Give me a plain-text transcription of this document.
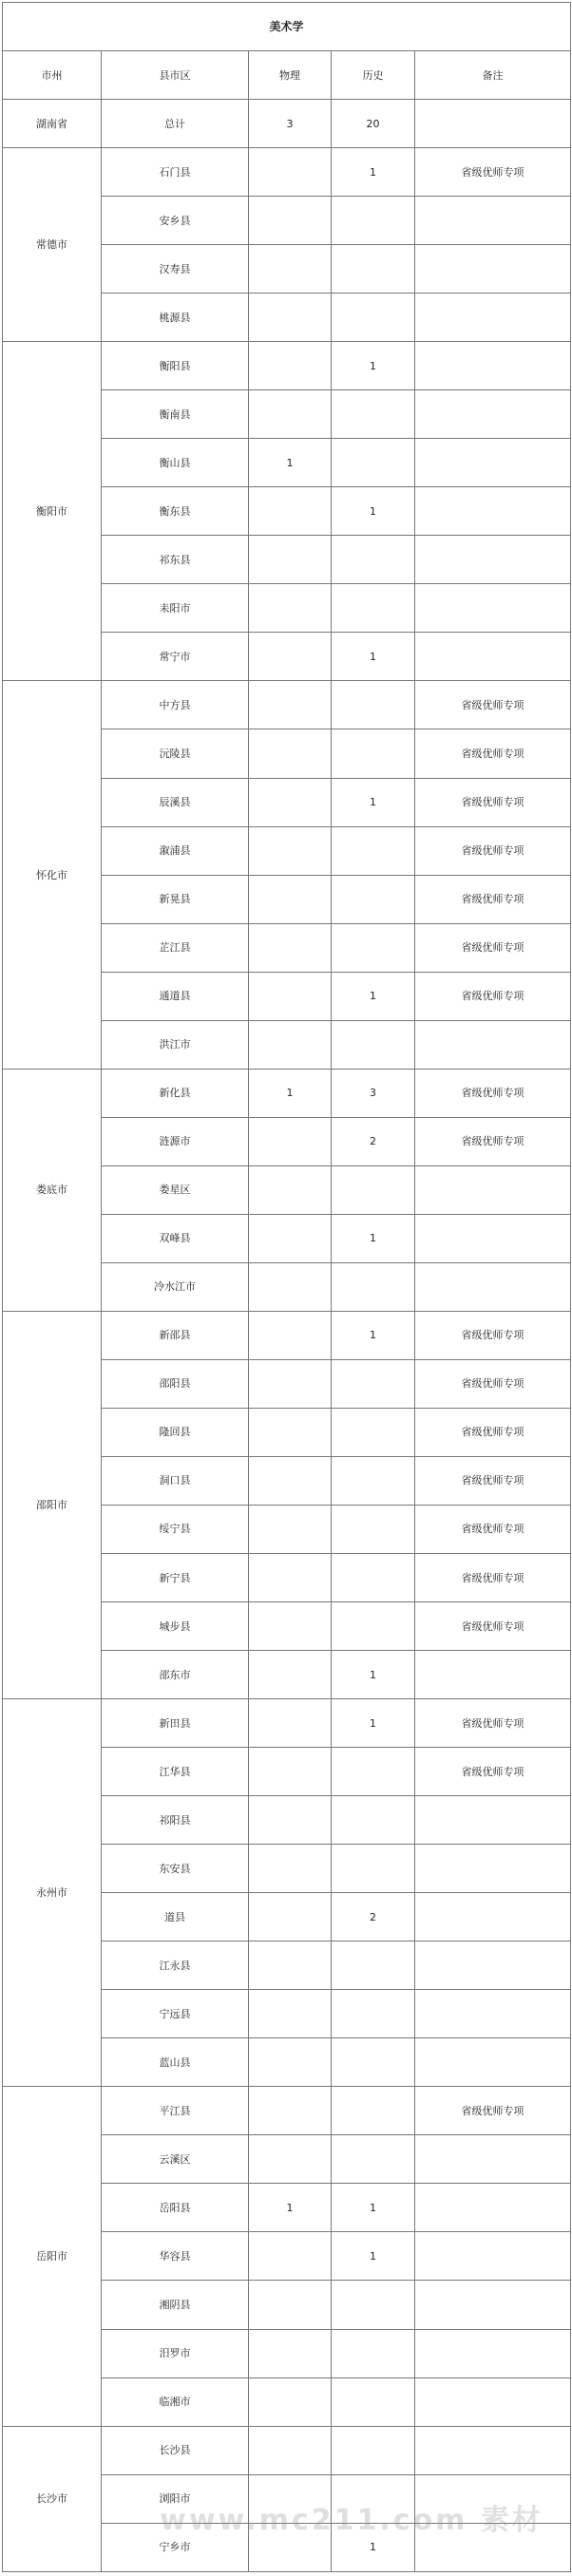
美术学				
市州	县市区	物理	历史	备注
湖南省	总计	3	20	
常德市	石门县		1	省级优师专项
	安乡县			
	汉寿县			
	桃源县			
衡阳市	衡阳县		1	
	衡南县			
	衡山县	1		
	衡东县		1	
	祁东县			
	耒阳市			
	常宁市		1	
怀化市	中方县			省级优师专项
	沅陵县			省级优师专项
	辰溪县		1	省级优师专项
	溆浦县			省级优师专项
	新晃县			省级优师专项
	芷江县			省级优师专项
	通道县		1	省级优师专项
	洪江市			
娄底市	新化县	1	3	省级优师专项
	涟源市		2	省级优师专项
	娄星区			
	双峰县		1	
	冷水江市			
邵阳市	新邵县		1	省级优师专项
	邵阳县			省级优师专项
	隆回县			省级优师专项
	洞口县			省级优师专项
	绥宁县			省级优师专项
	新宁县			省级优师专项
	城步县			省级优师专项
	邵东市		1	
永州市	新田县		1	省级优师专项
	江华县			省级优师专项
	祁阳县			
	东安县			
	道县		2	
	江永县			
	宁远县			
	蓝山县			
岳阳市	平江县			省级优师专项
	云溪区			
	岳阳县	1	1	
	华容县		1	
	湘阴县			
	汨罗市			
	临湘市			
长沙市	长沙县			
	浏阳市			
	宁乡市		1	
www.mc211.com 素材
